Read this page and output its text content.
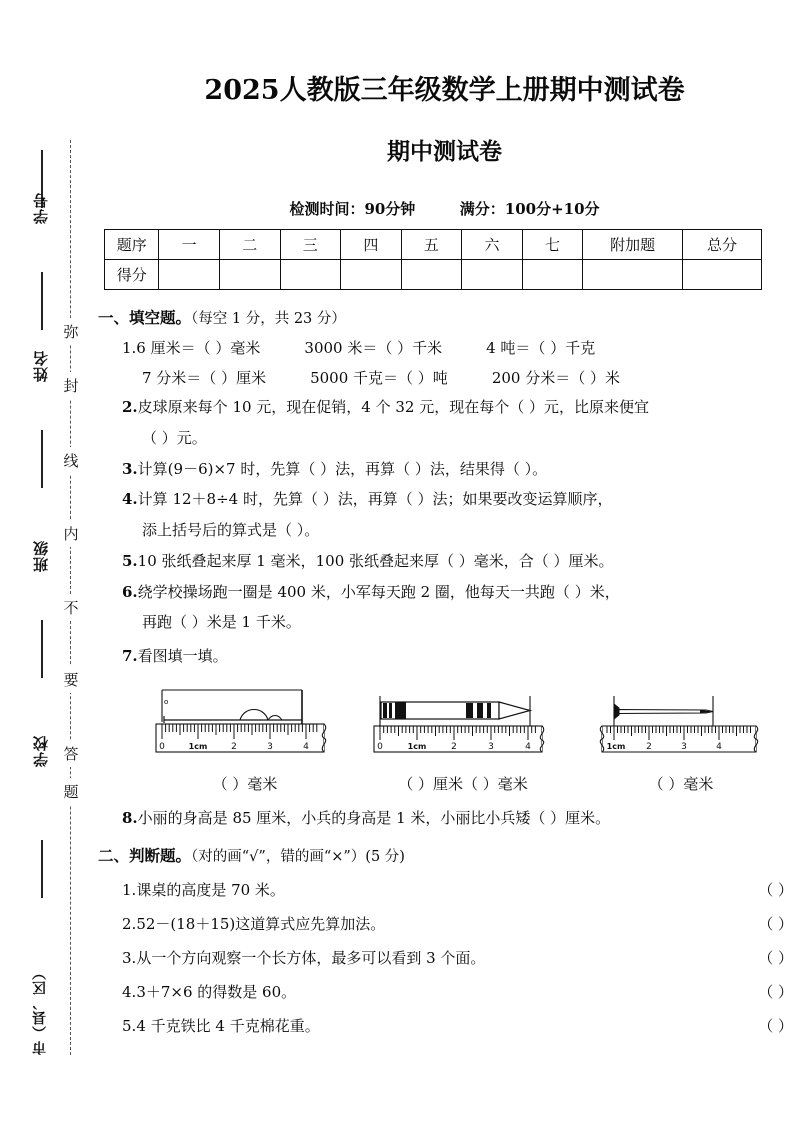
学号
姓名
班级
学校
市（县、区）
弥
封
线
内
不
要
答
题
2025人教版三年级数学上册期中测试卷
期中测试卷
检测时间：90分钟	满分：100分+10分
题序	一	二	三	四	五	六	七	附加题	总分
得分									
一、填空题。（每空 1 分，共 23 分）
1.6 厘米＝（ ）毫米	3000 米＝（ ）千米	4 吨＝（ ）千克
7 分米＝（ ）厘米	5000 千克＝（ ）吨	200 分米＝（ ）米
2.皮球原来每个 10 元，现在促销，4 个 32 元，现在每个（ ）元，比原来便宜
（ ）元。
3.计算(9－6)×7 时，先算（ ）法，再算（ ）法，结果得（ ）。
4.计算 12＋8÷4 时，先算（ ）法，再算（ ）法；如果要改变运算顺序，
添上括号后的算式是（ ）。
5.10 张纸叠起来厚 1 毫米，100 张纸叠起来厚（ ）毫米，合（ ）厘米。
6.绕学校操场跑一圈是 400 米，小军每天跑 2 圈，他每天一共跑（ ）米，
再跑（ ）米是 1 千米。
7.看图填一填。
o
0	1cm	2	3	4
（ ）毫米
0	1cm	2	3	4
（ ）厘米（ ）毫米
1cm 2	3	4
（ ）毫米
8.小丽的身高是 85 厘米，小兵的身高是 1 米，小丽比小兵矮（ ）厘米。
二、判断题。（对的画“√”，错的画“×”）(5 分)
1.课桌的高度是 70 米。	（ ）
2.52－(18＋15)这道算式应先算加法。	（ ）
3.从一个方向观察一个长方体，最多可以看到 3 个面。	（ ）
4.3＋7×6 的得数是 60。	（ ）
5.4 千克铁比 4 千克棉花重。	（ ）
